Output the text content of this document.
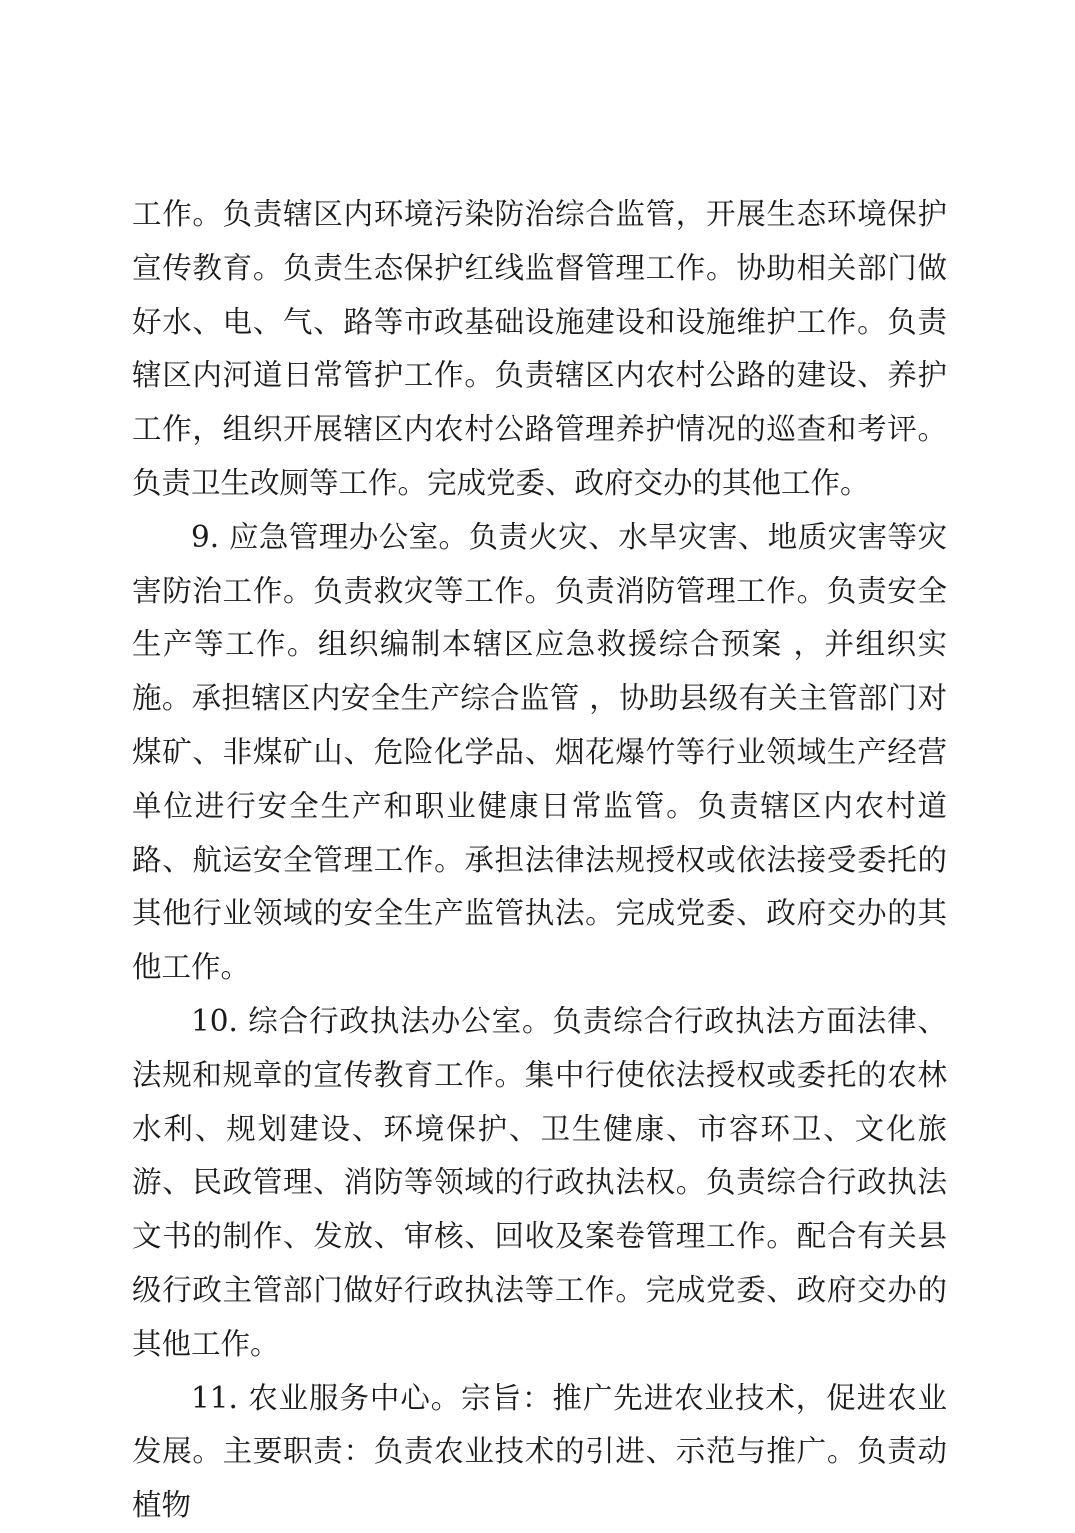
工作。负责辖区内环境污染防治综合监管，开展生态环境保护宣传教育。负责生态保护红线监督管理工作。协助相关部门做好水、电、气、路等市政基础设施建设和设施维护工作。负责辖区内河道日常管护工作。负责辖区内农村公路的建设、养护工作，组织开展辖区内农村公路管理养护情况的巡查和考评。负责卫生改厕等工作。完成党委、政府交办的其他工作。

9. 应急管理办公室。负责火灾、水旱灾害、地质灾害等灾害防治工作。负责救灾等工作。负责消防管理工作。负责安全生产等工作。组织编制本辖区应急救援综合预案 ，并组织实施。承担辖区内安全生产综合监管 ，协助县级有关主管部门对煤矿、非煤矿山、危险化学品、烟花爆竹等行业领域生产经营单位进行安全生产和职业健康日常监管。负责辖区内农村道路、航运安全管理工作。承担法律法规授权或依法接受委托的其他行业领域的安全生产监管执法。完成党委、政府交办的其他工作。

10. 综合行政执法办公室。负责综合行政执法方面法律、法规和规章的宣传教育工作。集中行使依法授权或委托的农林水利、规划建设、环境保护、卫生健康、市容环卫、文化旅游、民政管理、消防等领域的行政执法权。负责综合行政执法文书的制作、发放、审核、回收及案卷管理工作。配合有关县级行政主管部门做好行政执法等工作。完成党委、政府交办的其他工作。

11. 农业服务中心。宗旨：推广先进农业技术，促进农业发展。主要职责：负责农业技术的引进、示范与推广。负责动植物
